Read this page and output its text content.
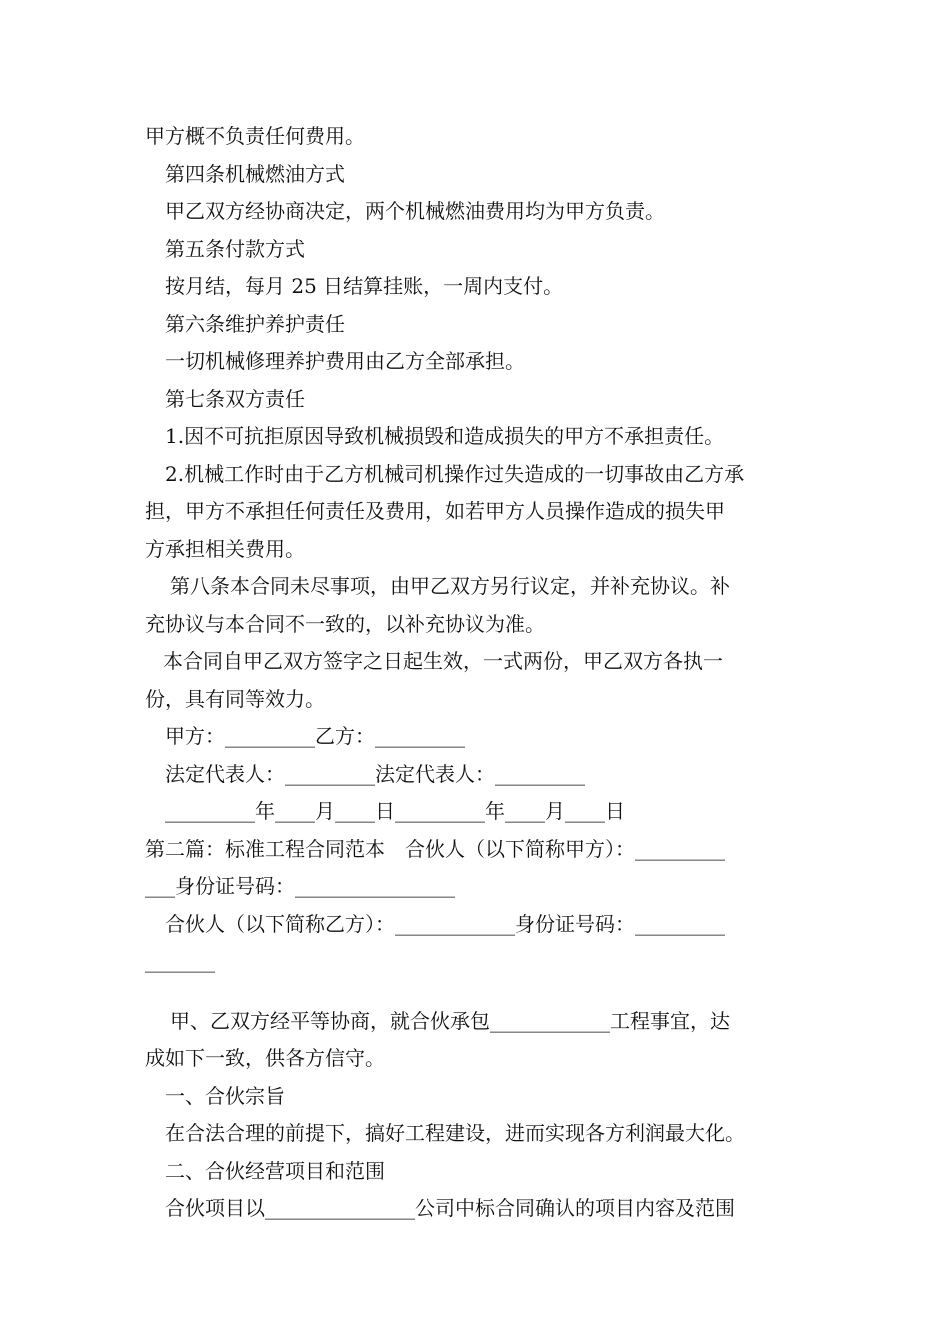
甲方概不负责任何费用。
第四条机械燃油方式
甲乙双方经协商决定，两个机械燃油费用均为甲方负责。
第五条付款方式
按月结，每月 25 日结算挂账，一周内支付。
第六条维护养护责任
一切机械修理养护费用由乙方全部承担。
第七条双方责任
1.因不可抗拒原因导致机械损毁和造成损失的甲方不承担责任。
2.机械工作时由于乙方机械司机操作过失造成的一切事故由乙方承
担，甲方不承担任何责任及费用，如若甲方人员操作造成的损失甲
方承担相关费用。
第八条本合同未尽事项，由甲乙双方另行议定，并补充协议。补
充协议与本合同不一致的，以补充协议为准。
本合同自甲乙双方签字之日起生效，一式两份，甲乙双方各执一
份，具有同等效力。
甲方：_________乙方：_________
法定代表人：_________法定代表人：_________
_________年____月____日_________年____月____日
第二篇：标准工程合同范本　合伙人（以下简称甲方）：_________
___身份证号码：________________
合伙人（以下简称乙方）：____________身份证号码：_________
_______
甲、乙双方经平等协商，就合伙承包____________工程事宜，达
成如下一致，供各方信守。
一、合伙宗旨
在合法合理的前提下，搞好工程建设，进而实现各方利润最大化。
二、合伙经营项目和范围
合伙项目以_______________公司中标合同确认的项目内容及范围
